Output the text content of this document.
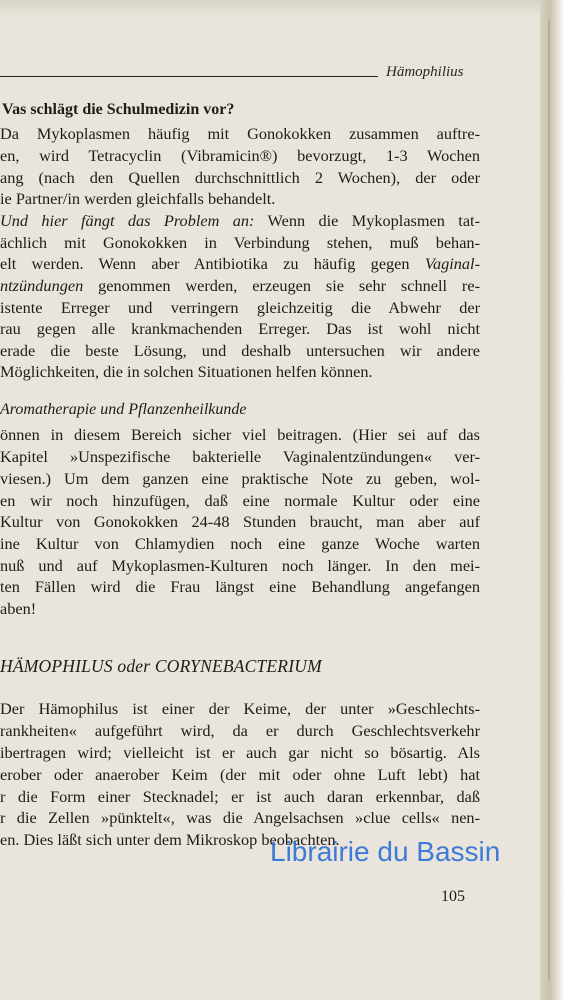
Hämophilius
Vas schlägt die Schulmedizin vor?
Da Mykoplasmen häufig mit Gonokokken zusammen auftre-
en, wird Tetracyclin (Vibramicin®) bevorzugt, 1-3 Wochen
ang (nach den Quellen durchschnittlich 2 Wochen), der oder
ie Partner/in werden gleichfalls behandelt.
Und hier fängt das Problem an: Wenn die Mykoplasmen tat-
ächlich mit Gonokokken in Verbindung stehen, muß behan-
elt werden. Wenn aber Antibiotika zu häufig gegen Vaginal-
ntzündungen genommen werden, erzeugen sie sehr schnell re-
istente Erreger und verringern gleichzeitig die Abwehr der
rau gegen alle krankmachenden Erreger. Das ist wohl nicht
erade die beste Lösung, und deshalb untersuchen wir andere
Möglichkeiten, die in solchen Situationen helfen können.
Aromatherapie und Pflanzenheilkunde
önnen in diesem Bereich sicher viel beitragen. (Hier sei auf das
Kapitel »Unspezifische bakterielle Vaginalentzündungen« ver-
viesen.) Um dem ganzen eine praktische Note zu geben, wol-
en wir noch hinzufügen, daß eine normale Kultur oder eine
Kultur von Gonokokken 24-48 Stunden braucht, man aber auf
ine Kultur von Chlamydien noch eine ganze Woche warten
nuß und auf Mykoplasmen-Kulturen noch länger. In den mei-
ten Fällen wird die Frau längst eine Behandlung angefangen
aben!
HÄMOPHILUS oder CORYNEBACTERIUM
Der Hämophilus ist einer der Keime, der unter »Geschlechts-
rankheiten« aufgeführt wird, da er durch Geschlechtsverkehr
ibertragen wird; vielleicht ist er auch gar nicht so bösartig. Als
erober oder anaerober Keim (der mit oder ohne Luft lebt) hat
r die Form einer Stecknadel; er ist auch daran erkennbar, daß
r die Zellen »pünktelt«, was die Angelsachsen »clue cells« nen-
en. Dies läßt sich unter dem Mikroskop beobachten.
Librairie du Bassin
105
